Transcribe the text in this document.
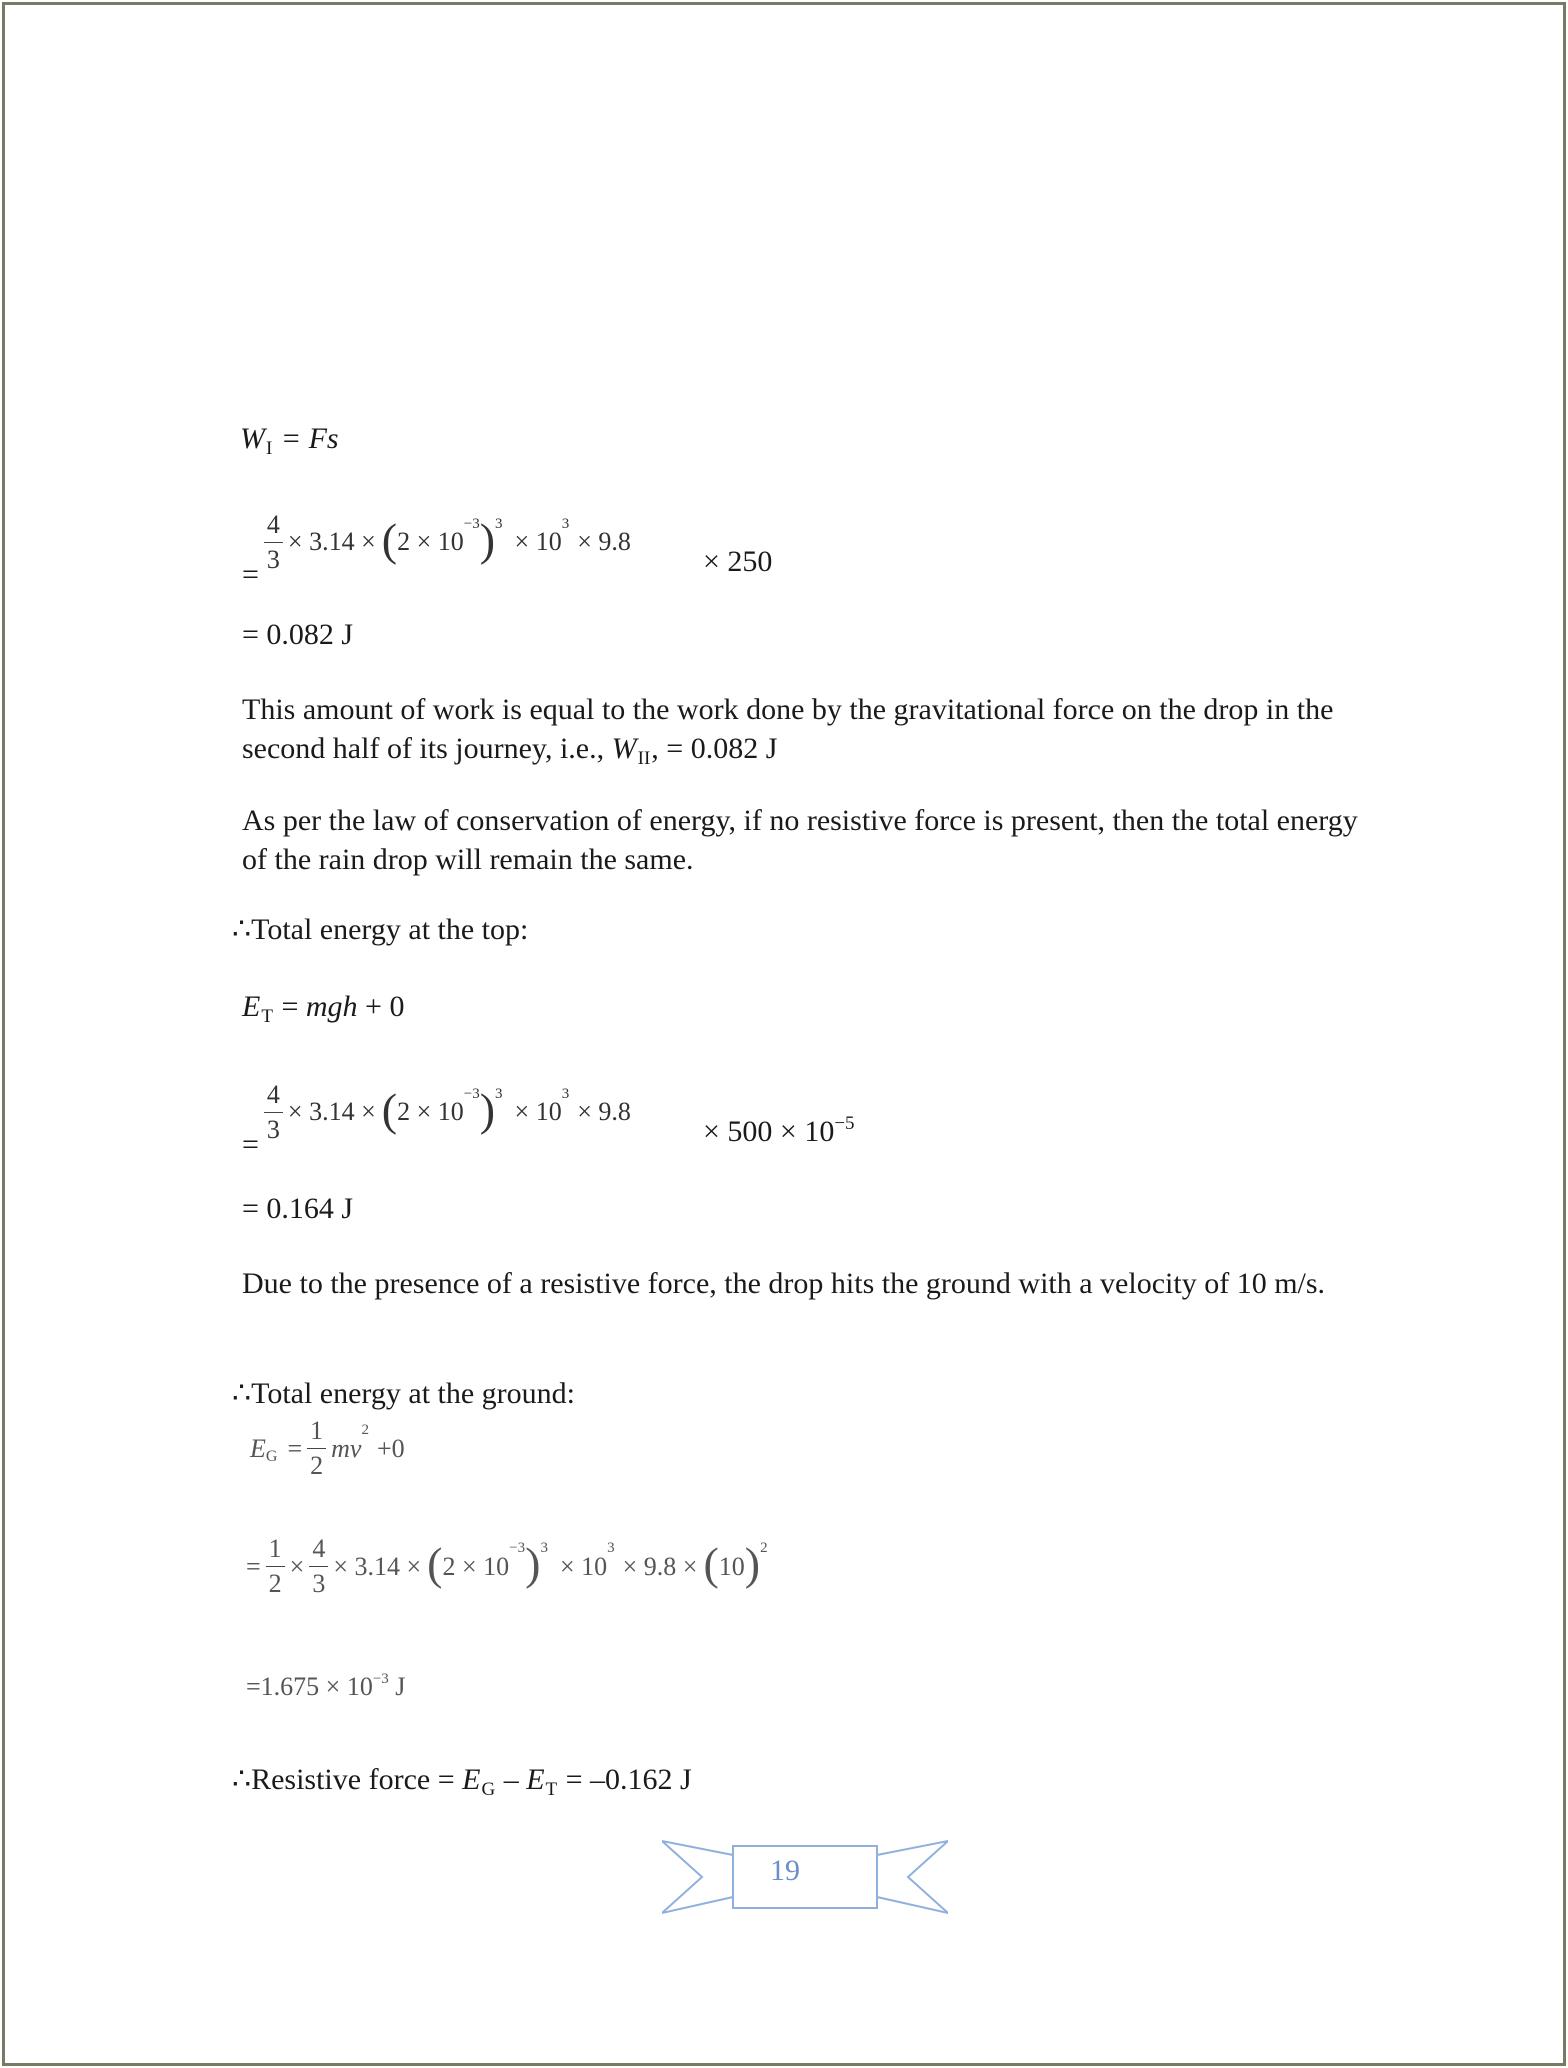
$W_I = Fs$
=
$\frac{4}{3} \times 3.14$ × ( 2 × 10
−3 ) 3
× 10
3
× 9.8
× 250
= 0.082 J
This amount of work is equal to the work done by the gravitational force on the drop in the second half of its journey, i.e., $W_{II}$, = 0.082 J
As per the law of conservation of energy, if no resistive force is present, then the total energy of the rain drop will remain the same.
∴Total energy at the top:
$E_T$ = mgh + 0
=
$\frac{4}{3} \times 3.14$ × ( 2 × 10
−3 ) 3
× 10
3
× 9.8
× $500 \times 10^{-5}$
= 0.164 J
Due to the presence of a resistive force, the drop hits the ground with a velocity of 10 m/s.
∴Total energy at the ground:
E $G = \frac{1}{2}$ mv
2
+0
= $\frac{1}{2} \times \frac{4}{3} \times 3.14$ × ( 2 × 10
−3 ) 3
× 10
3
× 9.8 × ( 10 ) 2
$=1.675 \times 10^{-3}$ J
∴Resistive force = $E_G - E_T = -0.162$ J
19
